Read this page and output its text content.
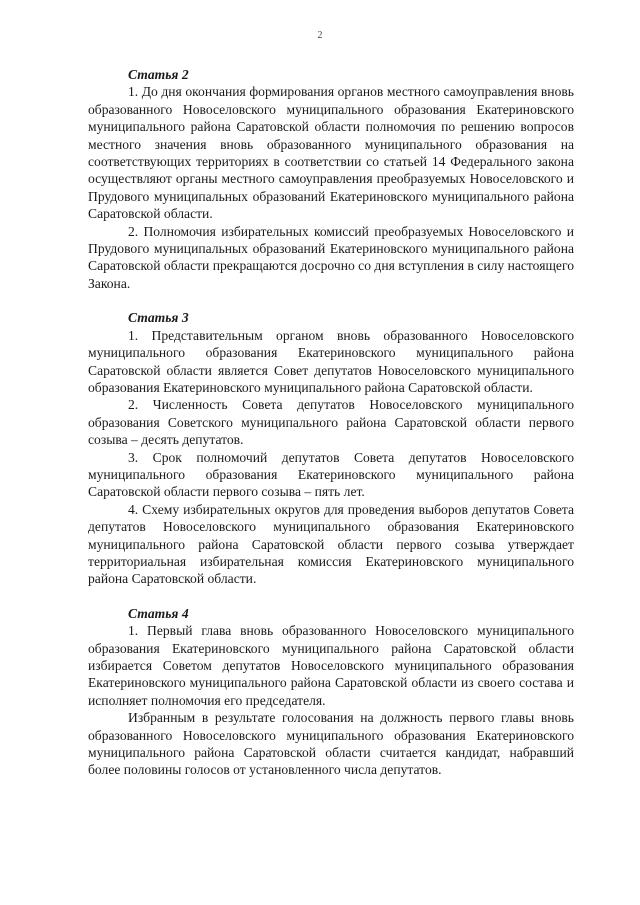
2

Статья 2

1. До дня окончания формирования органов местного самоуправления вновь образованного Новоселовского муниципального образования Екатериновского муниципального района Саратовской области полномочия по решению вопросов местного значения вновь образованного муниципального образования на соответствующих территориях в соответствии со статьей 14 Федерального закона осуществляют органы местного самоуправления преобразуемых Новоселовского и Прудового муниципальных образований Екатериновского муниципального района Саратовской области.

2. Полномочия избирательных комиссий преобразуемых Новоселовского и Прудового муниципальных образований Екатериновского муниципального района Саратовской области прекращаются досрочно со дня вступления в силу настоящего Закона.

Статья 3

1. Представительным органом вновь образованного Новоселовского муниципального образования Екатериновского муниципального района Саратовской области является Совет депутатов Новоселовского муниципального образования Екатериновского муниципального района Саратовской области.

2. Численность Совета депутатов Новоселовского муниципального образования Советского муниципального района Саратовской области первого созыва – десять депутатов.

3. Срок полномочий депутатов Совета депутатов Новоселовского муниципального образования Екатериновского муниципального района Саратовской области первого созыва – пять лет.

4. Схему избирательных округов для проведения выборов депутатов Совета депутатов Новоселовского муниципального образования Екатериновского муниципального района Саратовской области первого созыва утверждает территориальная избирательная комиссия Екатериновского муниципального района Саратовской области.

Статья 4

1. Первый глава вновь образованного Новоселовского муниципального образования Екатериновского муниципального района Саратовской области избирается Советом депутатов Новоселовского муниципального образования Екатериновского муниципального района Саратовской области из своего состава и исполняет полномочия его председателя.

Избранным в результате голосования на должность первого главы вновь образованного Новоселовского муниципального образования Екатериновского муниципального района Саратовской области считается кандидат, набравший более половины голосов от установленного числа депутатов.
